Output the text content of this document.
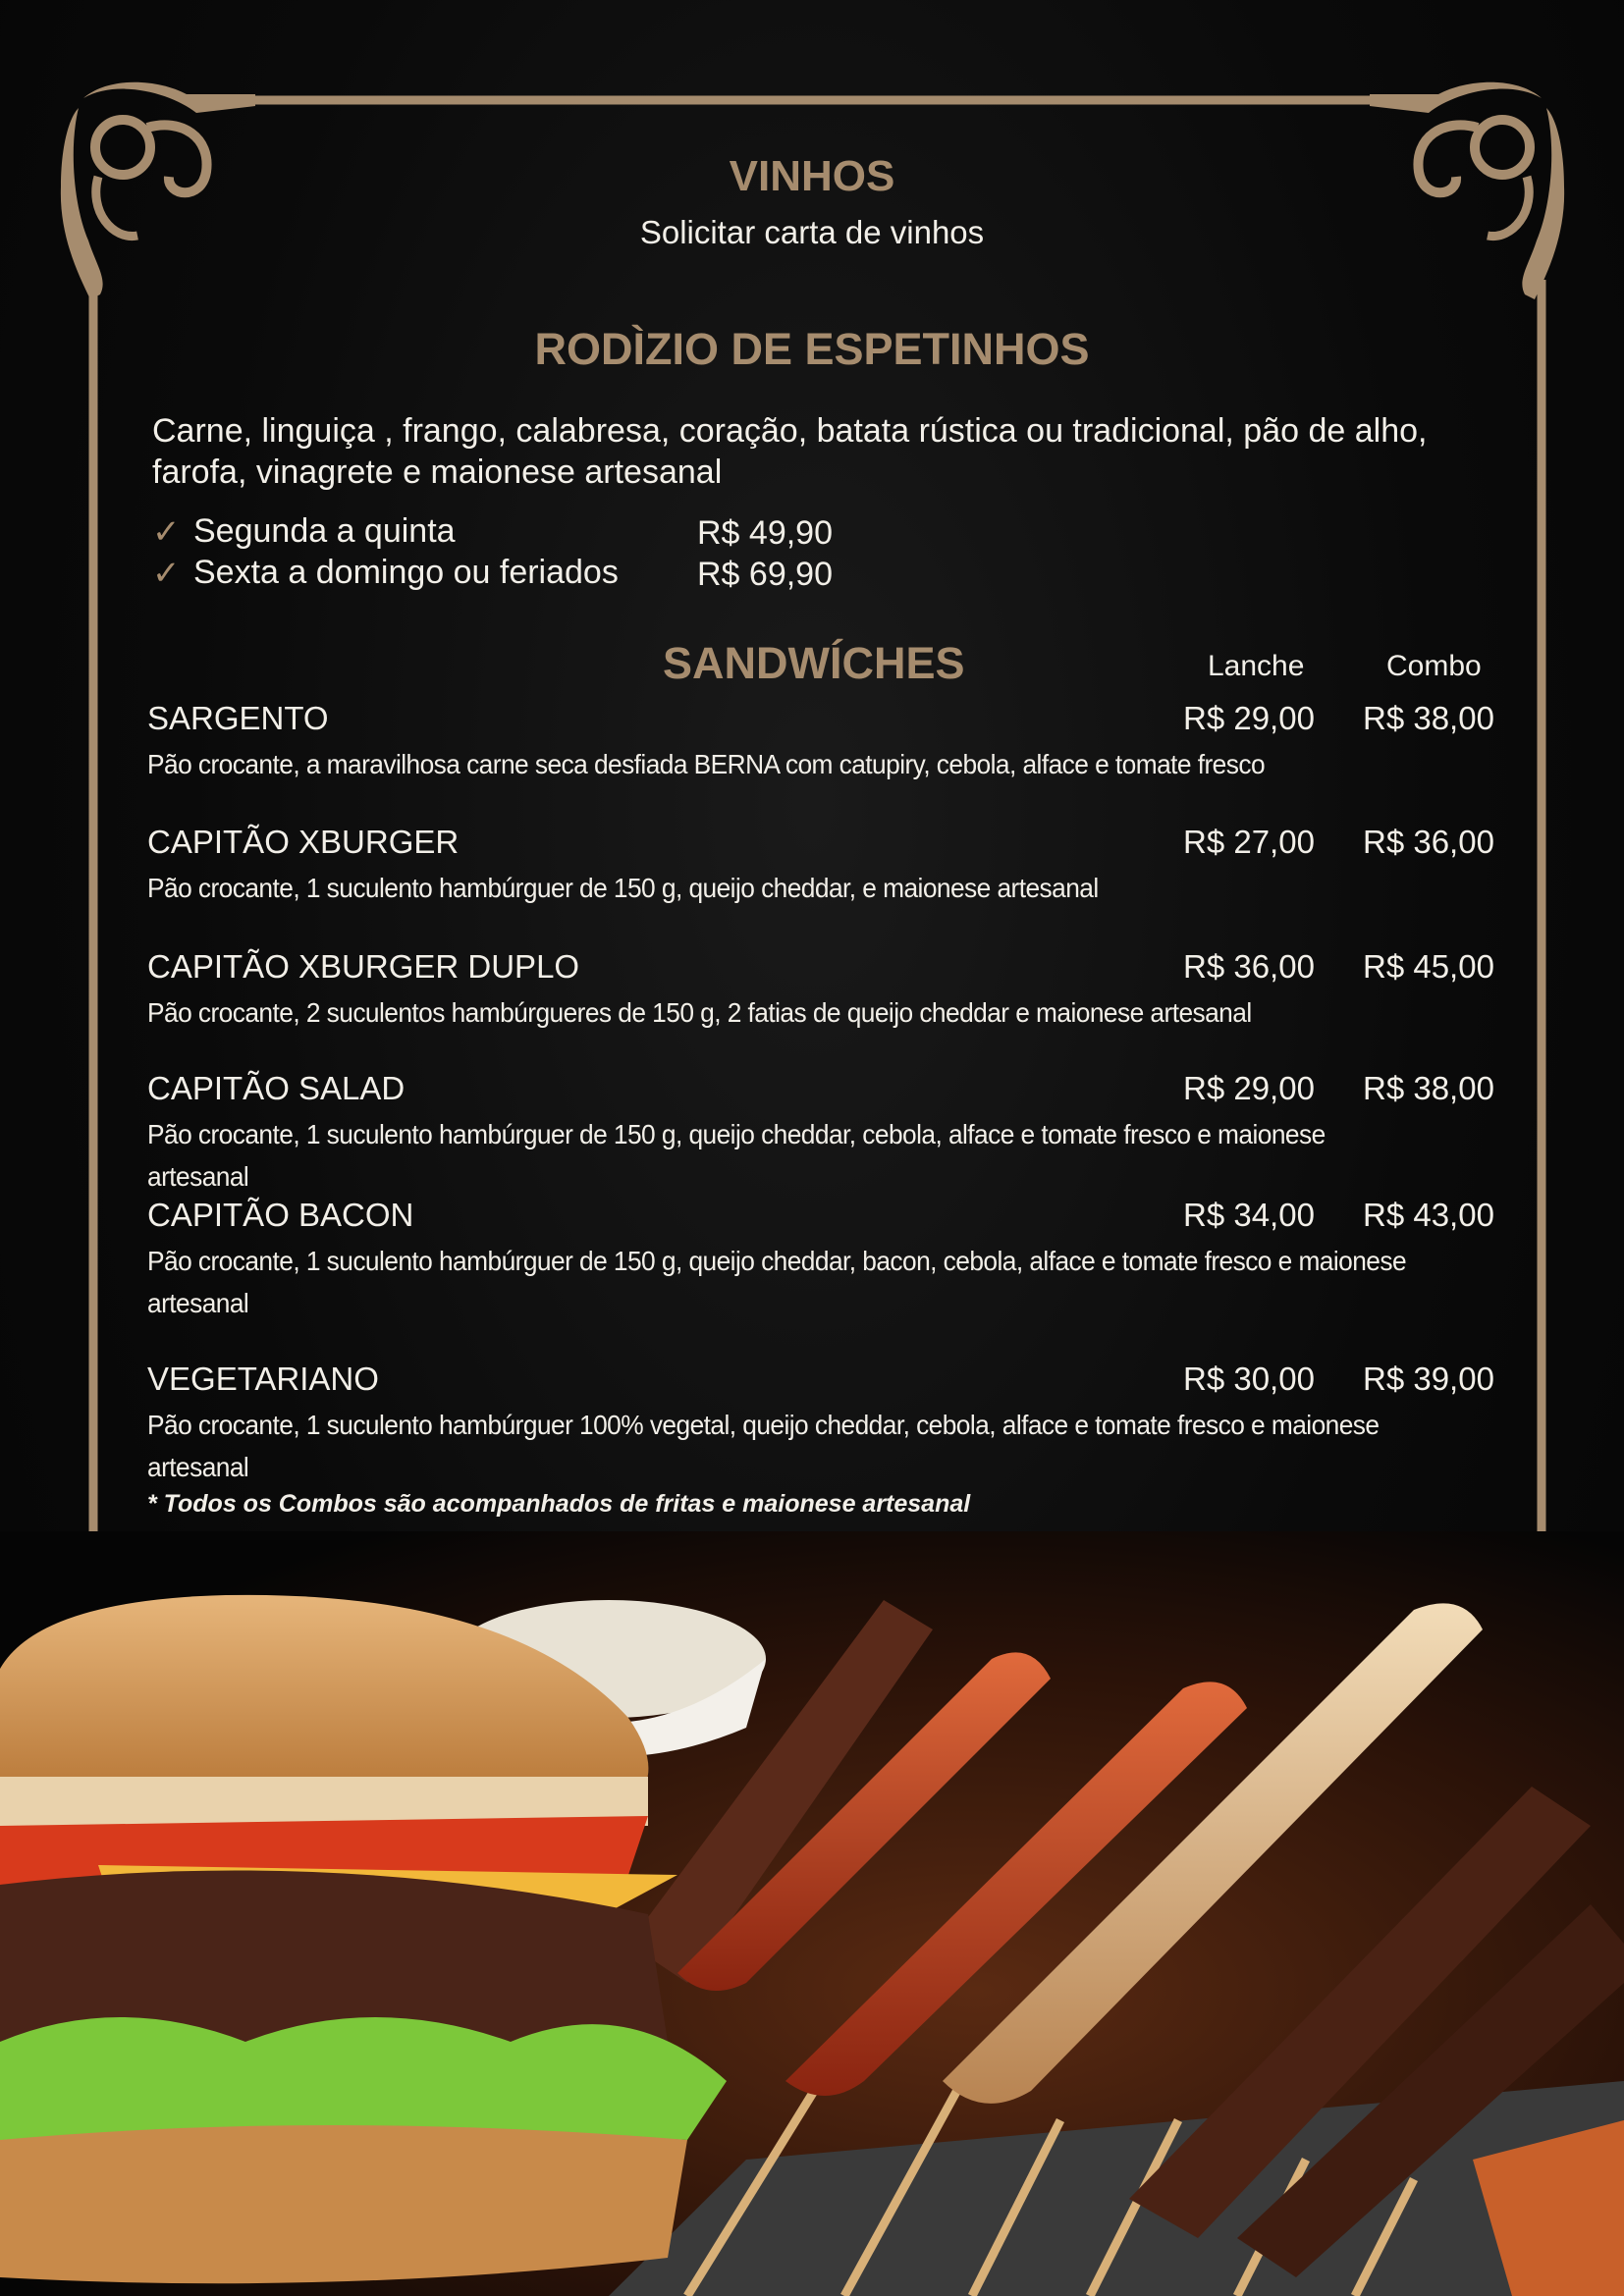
VINHOS
Solicitar carta de vinhos
RODÌZIO DE ESPETINHOS
Carne, linguiça , frango, calabresa, coração, batata rústica ou tradicional, pão de alho, farofa, vinagrete e maionese artesanal
✓ Segunda a quinta	R$ 49,90
✓ Sexta a domingo ou feriados R$ 69,90
SANDWÍCHES	Lanche	Combo
SARGENTO	R$ 29,00 R$ 38,00
Pão crocante, a maravilhosa carne seca desfiada BERNA com catupiry, cebola, alface e tomate fresco
CAPITÃO XBURGER	R$ 27,00 R$ 36,00
Pão crocante, 1 suculento hambúrguer de 150 g, queijo cheddar, e maionese artesanal
CAPITÃO XBURGER DUPLO	R$ 36,00 R$ 45,00
Pão crocante, 2 suculentos hambúrgueres de 150 g, 2 fatias de queijo cheddar e maionese artesanal
CAPITÃO SALAD	R$ 29,00 R$ 38,00
Pão crocante, 1 suculento hambúrguer de 150 g, queijo cheddar, cebola, alface e tomate fresco e maionese artesanal
CAPITÃO BACON	R$ 34,00 R$ 43,00
Pão crocante, 1 suculento hambúrguer de 150 g, queijo cheddar, bacon, cebola, alface e tomate fresco e maionese artesanal
VEGETARIANO	R$ 30,00 R$ 39,00
Pão crocante, 1 suculento hambúrguer 100% vegetal, queijo cheddar, cebola, alface e tomate fresco e maionese artesanal
* Todos os Combos são acompanhados de fritas e maionese artesanal
